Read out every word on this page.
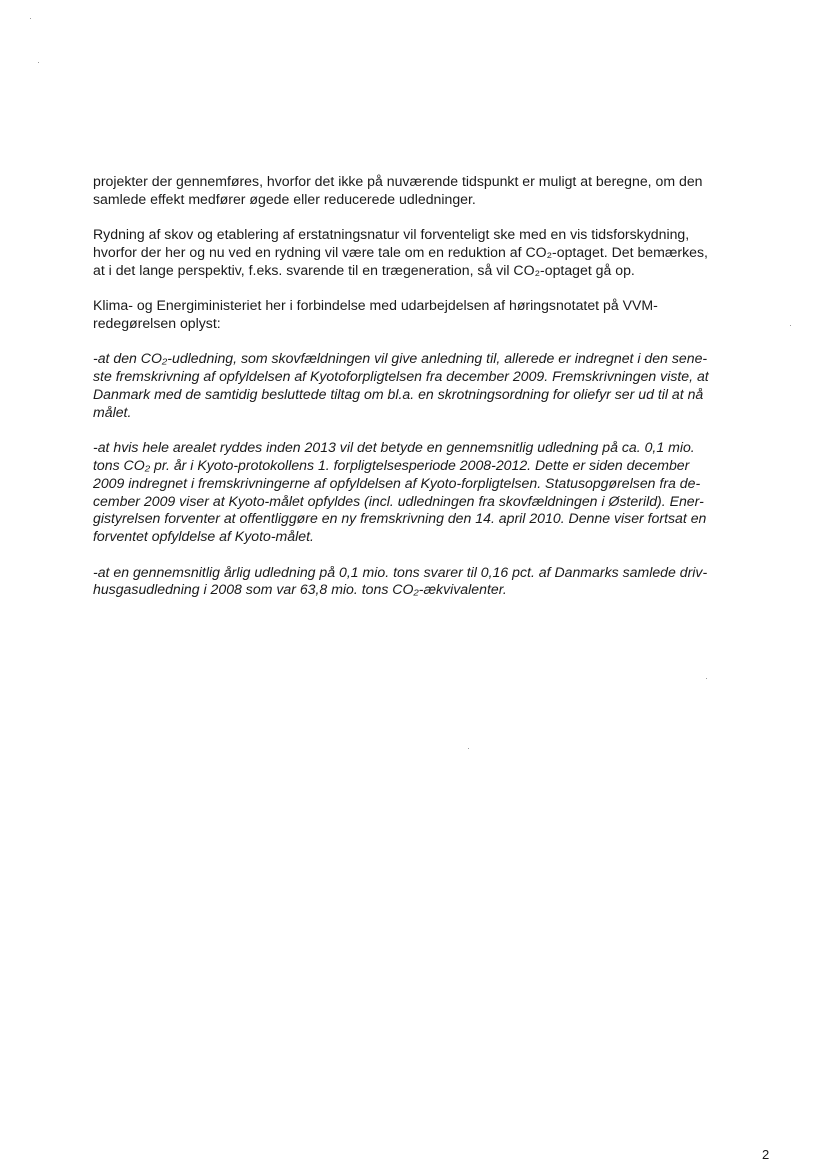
projekter der gennemføres, hvorfor det ikke på nuværende tidspunkt er muligt at beregne, om den
samlede effekt medfører øgede eller reducerede udledninger.

Rydning af skov og etablering af erstatningsnatur vil forventeligt ske med en vis tidsforskydning,
hvorfor der her og nu ved en rydning vil være tale om en reduktion af CO₂-optaget. Det bemærkes,
at i det lange perspektiv, f.eks. svarende til en trægeneration, så vil CO₂-optaget gå op.

Klima- og Energiministeriet her i forbindelse med udarbejdelsen af høringsnotatet på VVM-
redegørelsen oplyst:

-at den CO₂-udledning, som skovfældningen vil give anledning til, allerede er indregnet i den sene-
ste fremskrivning af opfyldelsen af Kyotoforpligtelsen fra december 2009. Fremskrivningen viste, at
Danmark med de samtidig besluttede tiltag om bl.a. en skrotningsordning for oliefyr ser ud til at nå
målet.

-at hvis hele arealet ryddes inden 2013 vil det betyde en gennemsnitlig udledning på ca. 0,1 mio.
tons CO₂ pr. år i Kyoto-protokollens 1. forpligtelsesperiode 2008-2012. Dette er siden december
2009 indregnet i fremskrivningerne af opfyldelsen af Kyoto-forpligtelsen. Statusopgørelsen fra de-
cember 2009 viser at Kyoto-målet opfyldes (incl. udledningen fra skovfældningen i Østerild). Ener-
gistyrelsen forventer at offentliggøre en ny fremskrivning den 14. april 2010. Denne viser fortsat en
forventet opfyldelse af Kyoto-målet.

-at en gennemsnitlig årlig udledning på 0,1 mio. tons svarer til 0,16 pct. af Danmarks samlede driv-
husgasudledning i 2008 som var 63,8 mio. tons CO₂-ækvivalenter.

2
